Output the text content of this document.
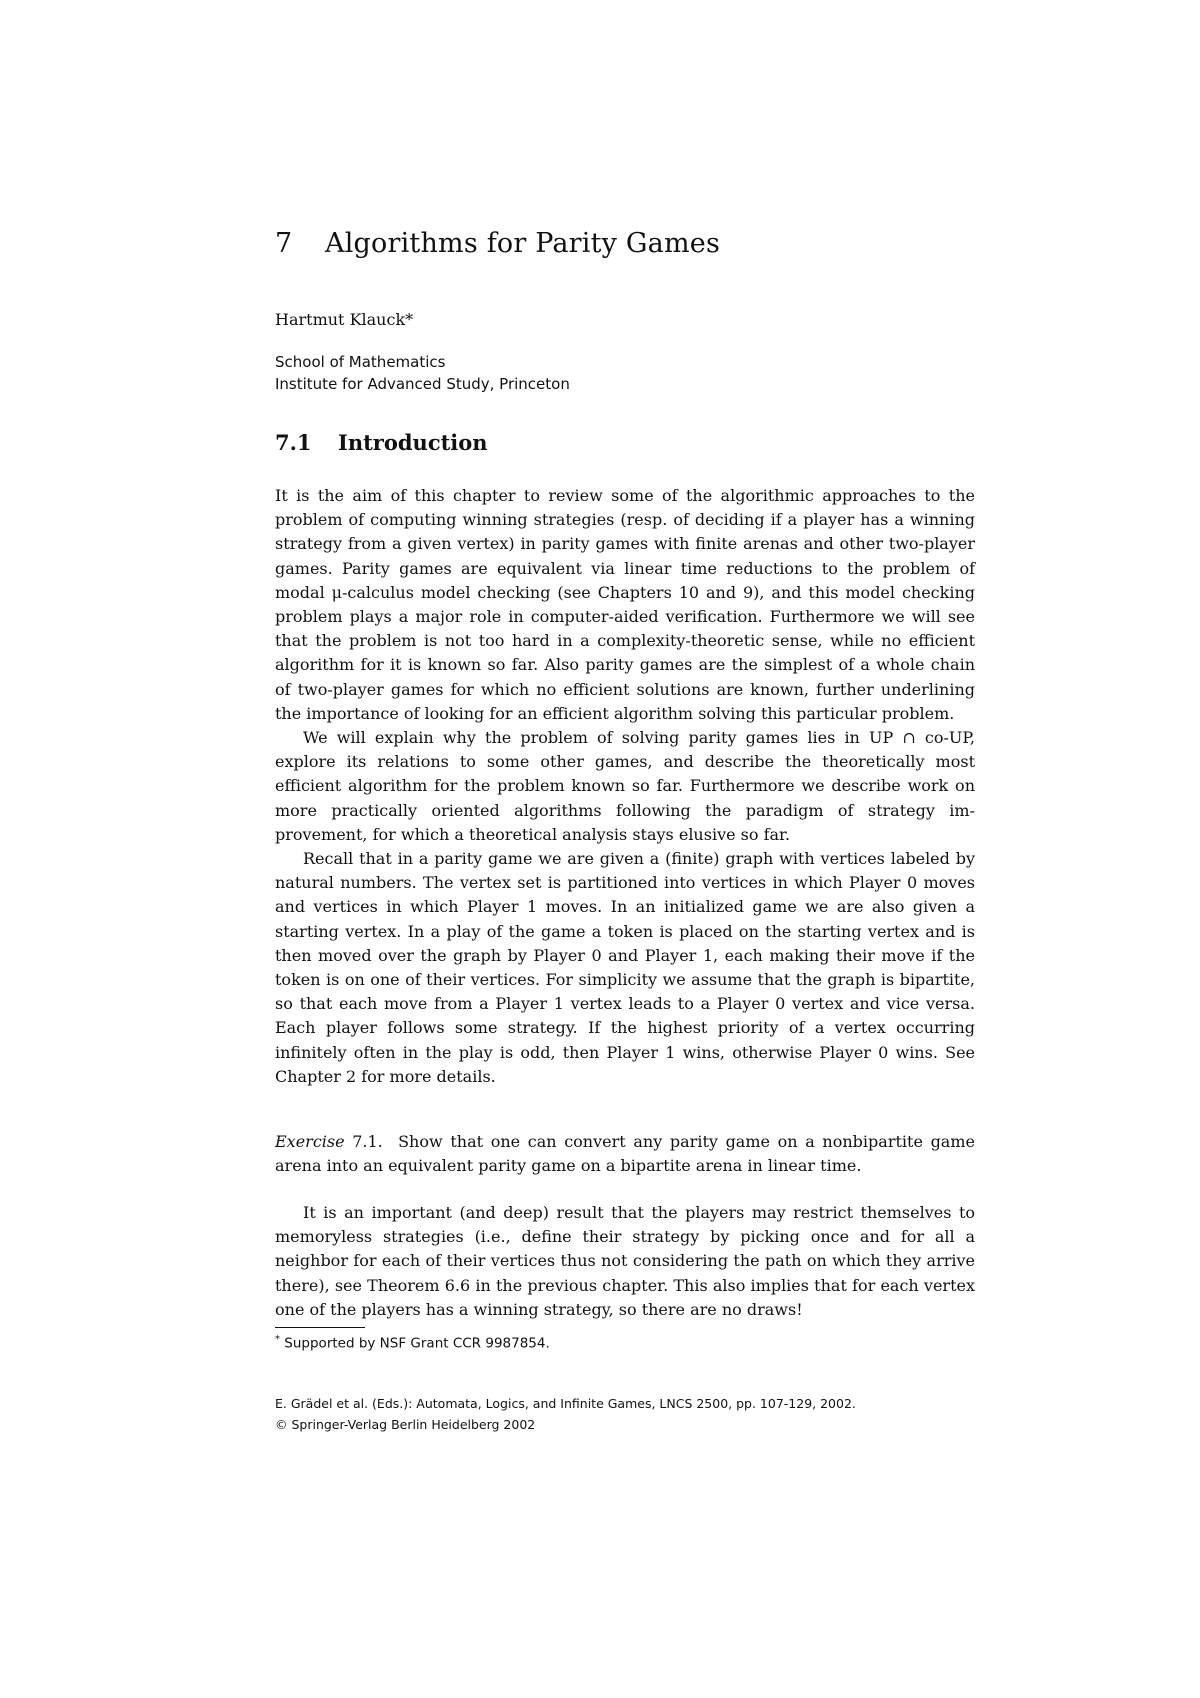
7 Algorithms for Parity Games
Hartmut Klauck*
School of Mathematics
Institute for Advanced Study, Princeton
7.1 Introduction

It is the aim of this chapter to review some of the algorithmic approaches to the problem of computing winning strategies (resp. of deciding if a player has a winning strategy from a given vertex) in parity games with finite arenas and other two-player games. Parity games are equivalent via linear time reductions to the problem of modal μ-calculus model checking (see Chapters 10 and 9), and this model checking problem plays a major role in computer-aided verification. Furthermore we will see that the problem is not too hard in a complexity-theoretic sense, while no efficient algorithm for it is known so far. Also parity games are the simplest of a whole chain of two-player games for which no efficient solutions are known, further underlining the importance of looking for an efficient algorithm solving this particular problem.

We will explain why the problem of solving parity games lies in UP ∩ co-UP, explore its relations to some other games, and describe the theoretically most efficient algorithm for the problem known so far. Furthermore we describe work on more practically oriented algorithms following the paradigm of strategy improvement, for which a theoretical analysis stays elusive so far.

Recall that in a parity game we are given a (finite) graph with vertices labeled by natural numbers. The vertex set is partitioned into vertices in which Player 0 moves and vertices in which Player 1 moves. In an initialized game we are also given a starting vertex. In a play of the game a token is placed on the starting vertex and is then moved over the graph by Player 0 and Player 1, each making their move if the token is on one of their vertices. For simplicity we assume that the graph is bipartite, so that each move from a Player 1 vertex leads to a Player 0 vertex and vice versa. Each player follows some strategy. If the highest priority of a vertex occurring infinitely often in the play is odd, then Player 1 wins, otherwise Player 0 wins. See Chapter 2 for more details.

Exercise 7.1. Show that one can convert any parity game on a nonbipartite game arena into an equivalent parity game on a bipartite arena in linear time.

It is an important (and deep) result that the players may restrict themselves to memoryless strategies (i.e., define their strategy by picking once and for all a neighbor for each of their vertices thus not considering the path on which they arrive there), see Theorem 6.6 in the previous chapter. This also implies that for each vertex one of the players has a winning strategy, so there are no draws!

* Supported by NSF Grant CCR 9987854.
E. Grädel et al. (Eds.): Automata, Logics, and Infinite Games, LNCS 2500, pp. 107-129, 2002.
© Springer-Verlag Berlin Heidelberg 2002
